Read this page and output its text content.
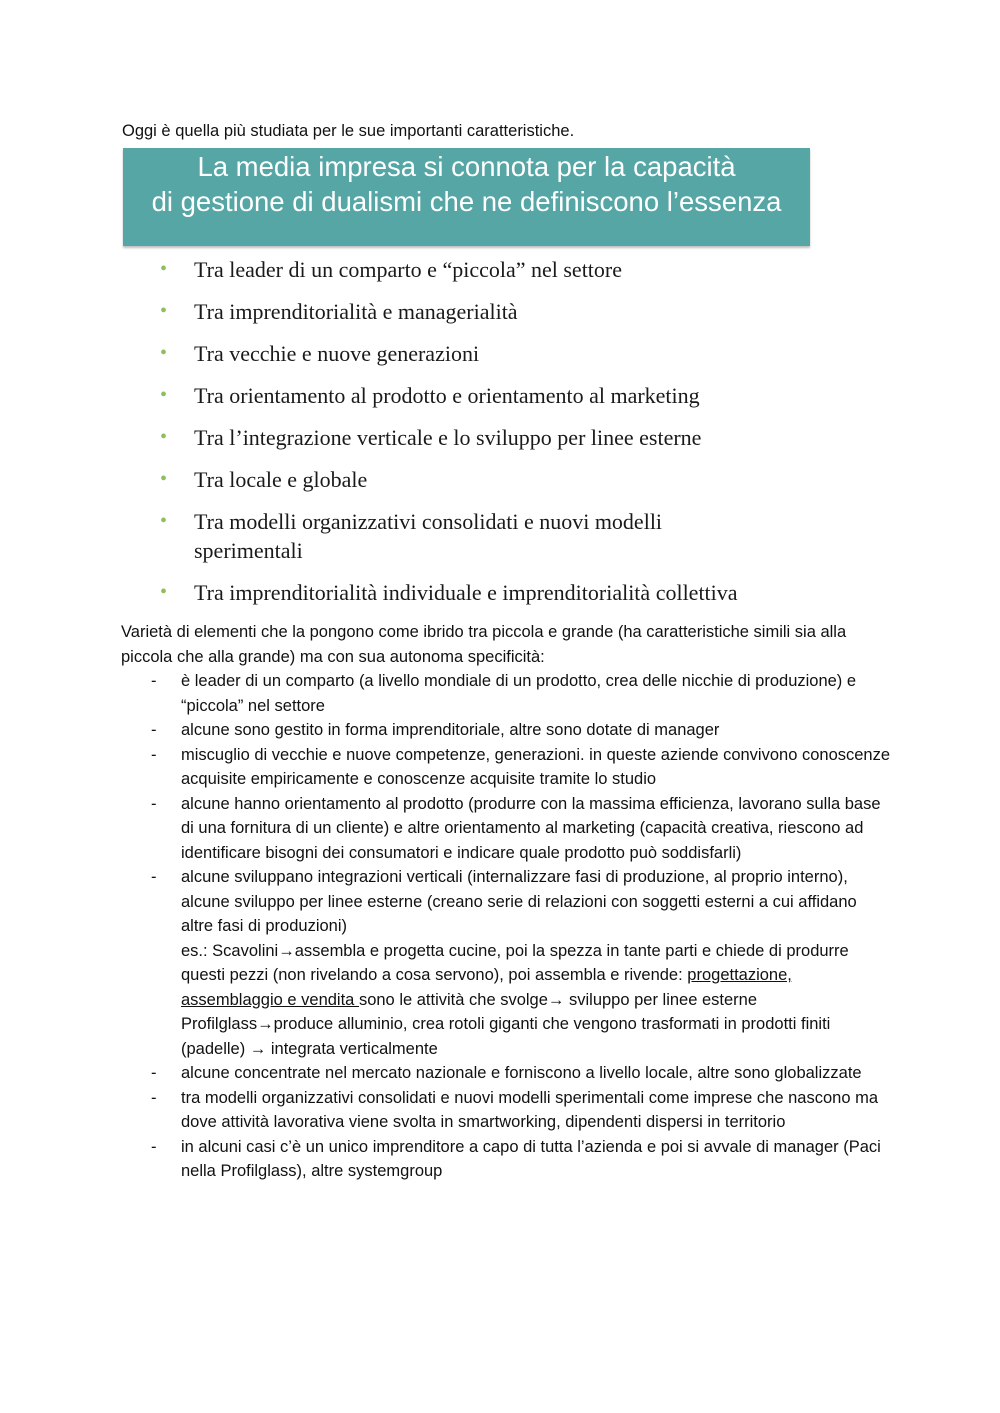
Oggi è quella più studiata per le sue importanti caratteristiche.
La media impresa si connota per la capacità
di gestione di dualismi che ne definiscono l’essenza
• Tra leader di un comparto e “piccola” nel settore
• Tra imprenditorialità e managerialità
• Tra vecchie e nuove generazioni
• Tra orientamento al prodotto e orientamento al marketing
• Tra l’integrazione verticale e lo sviluppo per linee esterne
• Tra locale e globale
• Tra modelli organizzativi consolidati e nuovi modelli sperimentali
• Tra imprenditorialità individuale e imprenditorialità collettiva

Varietà di elementi che la pongono come ibrido tra piccola e grande (ha caratteristiche simili sia alla piccola che alla grande) ma con sua autonoma specificità:

- è leader di un comparto (a livello mondiale di un prodotto, crea delle nicchie di produzione) e “piccola” nel settore
- alcune sono gestito in forma imprenditoriale, altre sono dotate di manager
- miscuglio di vecchie e nuove competenze, generazioni. in queste aziende convivono conoscenze acquisite empiricamente e conoscenze acquisite tramite lo studio
- alcune hanno orientamento al prodotto (produrre con la massima efficienza, lavorano sulla base di una fornitura di un cliente) e altre orientamento al marketing (capacità creativa, riescono ad identificare bisogni dei consumatori e indicare quale prodotto può soddisfarli)
- alcune sviluppano integrazioni verticali (internalizzare fasi di produzione, al proprio interno), alcune sviluppo per linee esterne (creano serie di relazioni con soggetti esterni a cui affidano altre fasi di produzioni)
es.: Scavolini→assembla e progetta cucine, poi la spezza in tante parti e chiede di produrre questi pezzi (non rivelando a cosa servono), poi assembla e rivende: progettazione, assemblaggio e vendita sono le attività che svolge→ sviluppo per linee esterne
Profilglass→produce alluminio, crea rotoli giganti che vengono trasformati in prodotti finiti (padelle) → integrata verticalmente
- alcune concentrate nel mercato nazionale e forniscono a livello locale, altre sono globalizzate
- tra modelli organizzativi consolidati e nuovi modelli sperimentali come imprese che nascono ma dove attività lavorativa viene svolta in smartworking, dipendenti dispersi in territorio
- in alcuni casi c’è un unico imprenditore a capo di tutta l’azienda e poi si avvale di manager (Paci nella Profilglass), altre systemgroup
